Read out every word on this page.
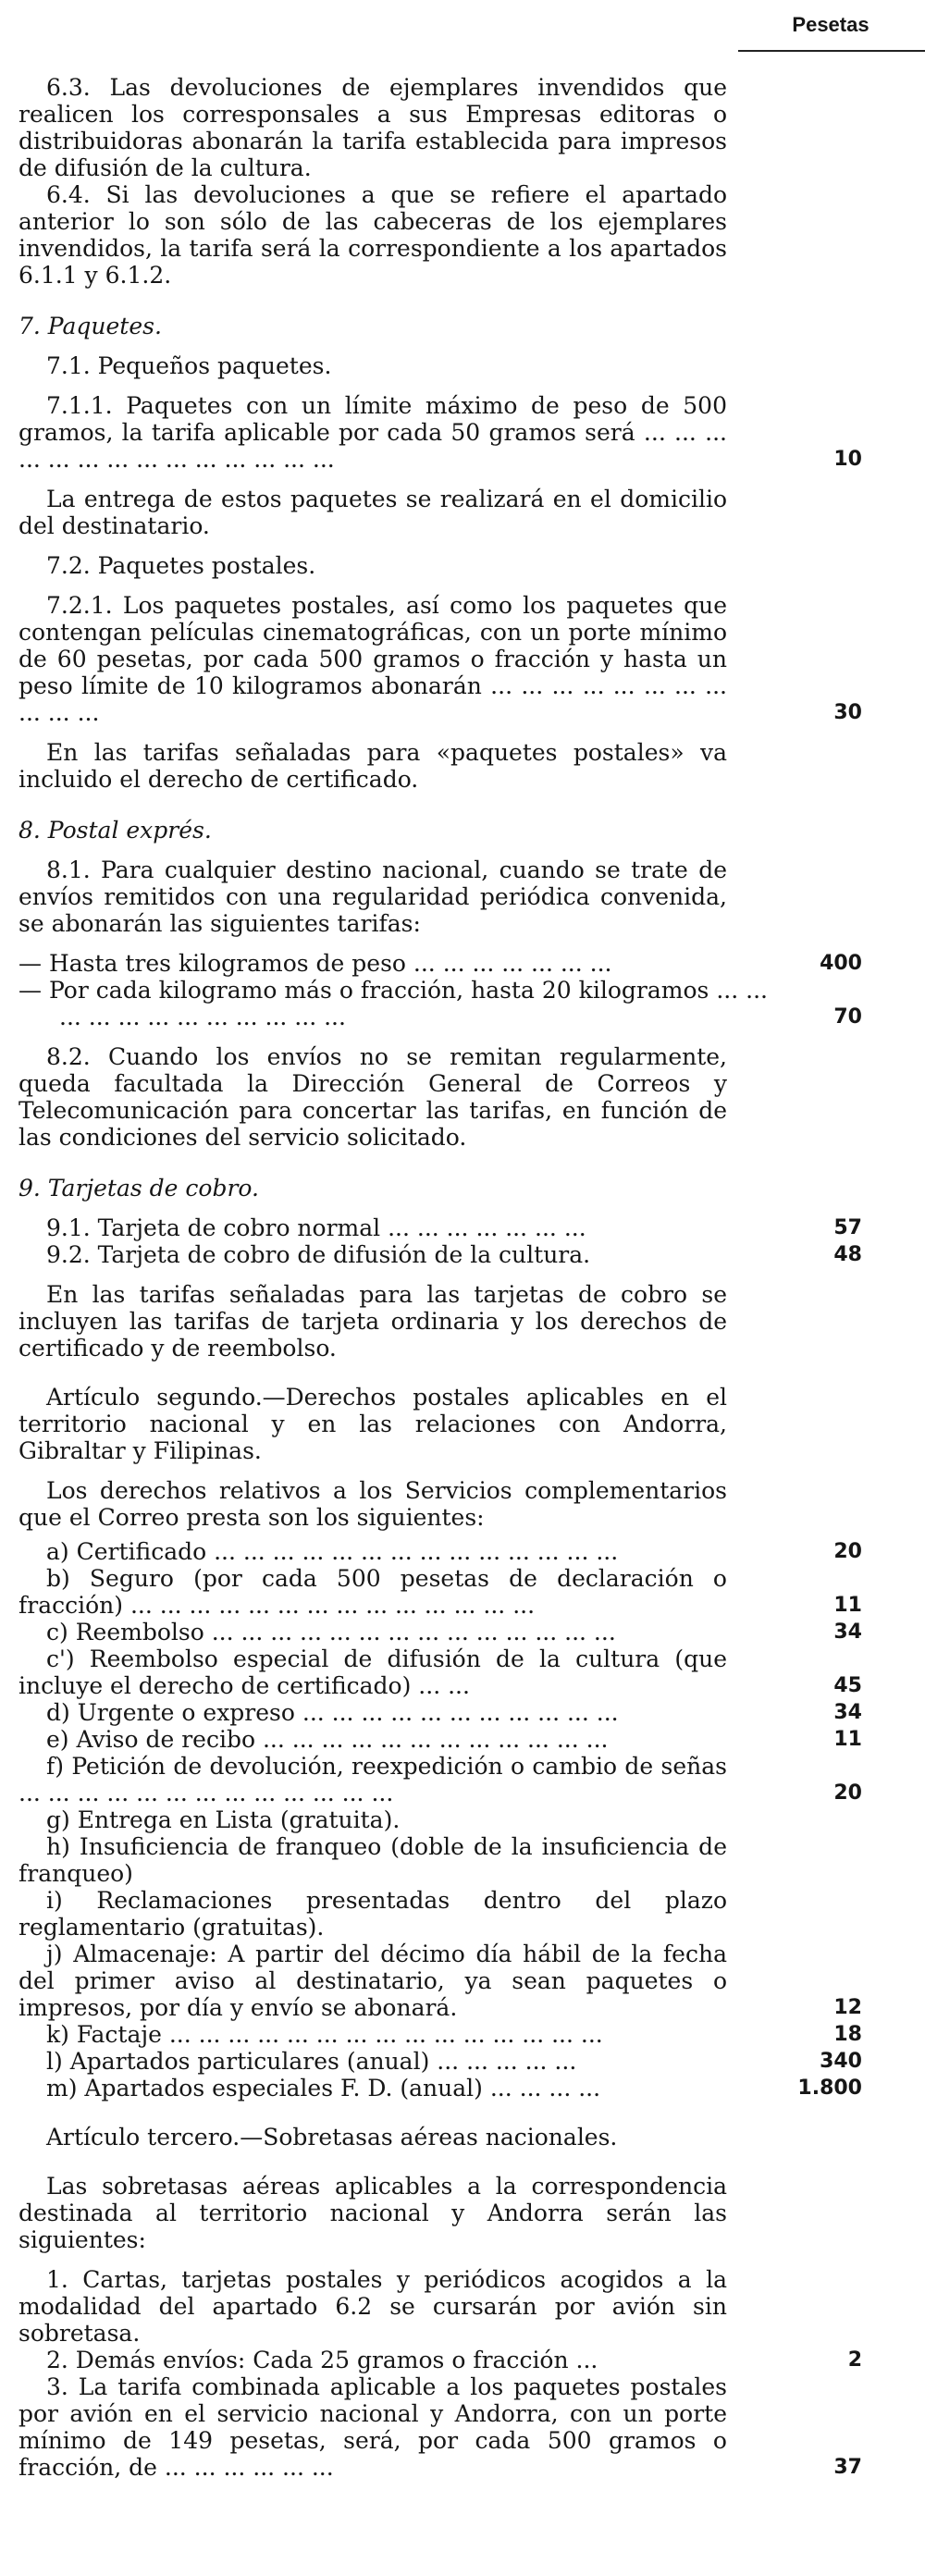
Pesetas

6.3. Las devoluciones de ejemplares invendidos que realicen los corresponsales a sus Empresas editoras o distribuidoras abonarán la tarifa establecida para impresos de difusión de la cultura.

6.4. Si las devoluciones a que se refiere el apartado anterior lo son sólo de las cabeceras de los ejemplares invendidos, la tarifa será la correspondiente a los apartados 6.1.1 y 6.1.2.

7. Paquetes.

7.1. Pequeños paquetes.

7.1.1. Paquetes con un límite máximo de peso de 500 gramos, la tarifa aplicable por cada 50 gramos será ... ... ... ... ... ... ... ... ... ... ... ... ... ...	10

La entrega de estos paquetes se realizará en el domicilio del destinatario.

7.2. Paquetes postales.

7.2.1. Los paquetes postales, así como los paquetes que contengan películas cinematográficas, con un porte mínimo de 60 pesetas, por cada 500 gramos o fracción y hasta un peso límite de 10 kilogramos abonarán ... ... ... ... ... ... ... ... ... ... ...	30

En las tarifas señaladas para «paquetes postales» va incluido el derecho de certificado.

8. Postal exprés.

8.1. Para cualquier destino nacional, cuando se trate de envíos remitidos con una regularidad periódica convenida, se abonarán las siguientes tarifas:

— Hasta tres kilogramos de peso ... ... ... ... ... ... ...	400
— Por cada kilogramo más o fracción, hasta 20 kilogramos ... ... ... ... ... ... ... ... ... ... ... ...	70

8.2. Cuando los envíos no se remitan regularmente, queda facultada la Dirección General de Correos y Telecomunicación para concertar las tarifas, en función de las condiciones del servicio solicitado.

9. Tarjetas de cobro.

9.1. Tarjeta de cobro normal ... ... ... ... ... ... ...	57
9.2. Tarjeta de cobro de difusión de la cultura.	48

En las tarifas señaladas para las tarjetas de cobro se incluyen las tarifas de tarjeta ordinaria y los derechos de certificado y de reembolso.

Artículo segundo.—Derechos postales aplicables en el territorio nacional y en las relaciones con Andorra, Gibraltar y Filipinas.

Los derechos relativos a los Servicios complementarios que el Correo presta son los siguientes:

a) Certificado ... ... ... ... ... ... ... ... ... ... ... ... ... ...	20
b) Seguro (por cada 500 pesetas de declaración o fracción) ... ... ... ... ... ... ... ... ... ... ... ... ... ...	11
c) Reembolso ... ... ... ... ... ... ... ... ... ... ... ... ... ...	34
c') Reembolso especial de difusión de la cultura (que incluye el derecho de certificado) ... ...	45
d) Urgente o expreso ... ... ... ... ... ... ... ... ... ... ...	34
e) Aviso de recibo ... ... ... ... ... ... ... ... ... ... ... ...	11
f) Petición de devolución, reexpedición o cambio de señas ... ... ... ... ... ... ... ... ... ... ... ... ...	20
g) Entrega en Lista (gratuita).
h) Insuficiencia de franqueo (doble de la insuficiencia de franqueo)
i) Reclamaciones presentadas dentro del plazo reglamentario (gratuitas).
j) Almacenaje: A partir del décimo día hábil de la fecha del primer aviso al destinatario, ya sean paquetes o impresos, por día y envío se abonará.	12
k) Factaje ... ... ... ... ... ... ... ... ... ... ... ... ... ... ...	18
l) Apartados particulares (anual) ... ... ... ... ...	340
m) Apartados especiales F. D. (anual) ... ... ... ...	1.800

Artículo tercero.—Sobretasas aéreas nacionales.

Las sobretasas aéreas aplicables a la correspondencia destinada al territorio nacional y Andorra serán las siguientes:

1. Cartas, tarjetas postales y periódicos acogidos a la modalidad del apartado 6.2 se cursarán por avión sin sobretasa.

2. Demás envíos: Cada 25 gramos o fracción ...	2
3. La tarifa combinada aplicable a los paquetes postales por avión en el servicio nacional y Andorra, con un porte mínimo de 149 pesetas, será, por cada 500 gramos o fracción, de ... ... ... ... ... ...	37
